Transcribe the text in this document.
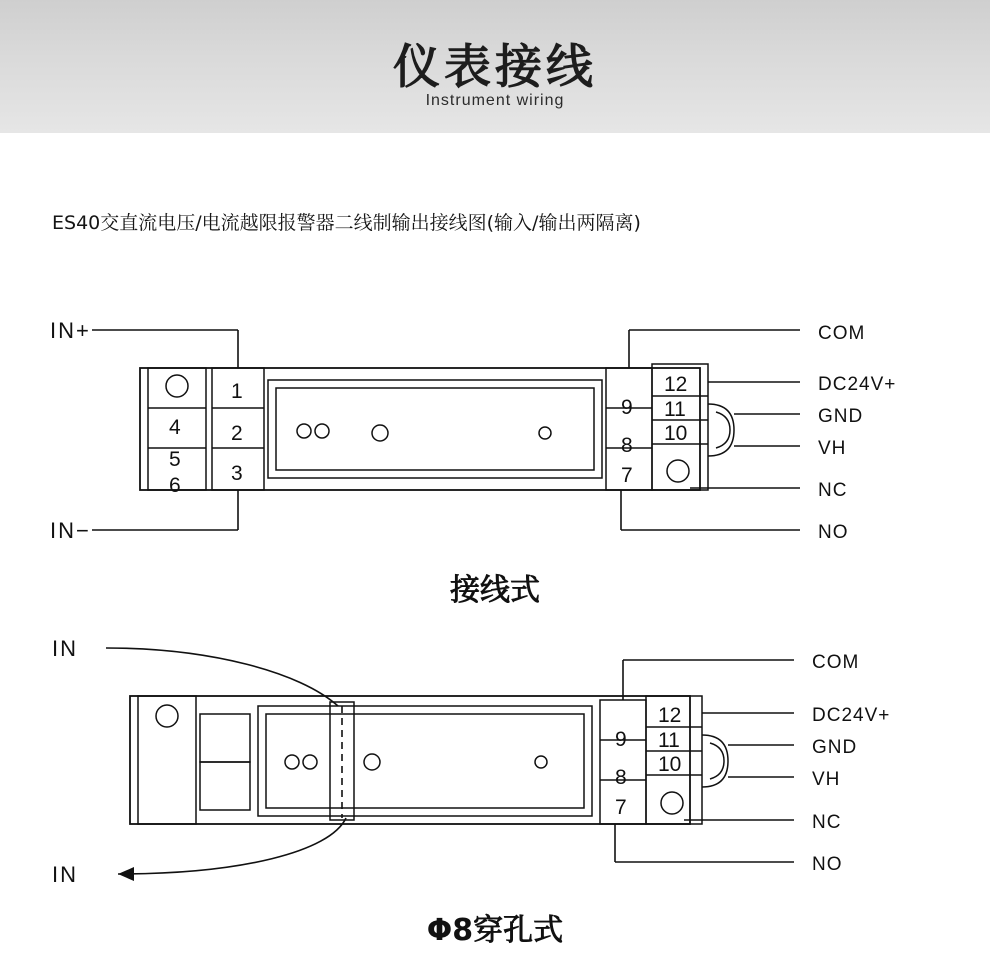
仪表接线
Instrument wiring
ES40交直流电压/电流越限报警器二线制输出接线图(输入/输出两隔离)
IN+
IN−
4
5
6
1
2
3
9
8
7
12
11
10
COM
DC24V+
GND
VH
NC
NO
IN
IN
9
8
7
12
11
10
COM
DC24V+
GND
VH
NC
NO
接线式
Φ8穿孔式
